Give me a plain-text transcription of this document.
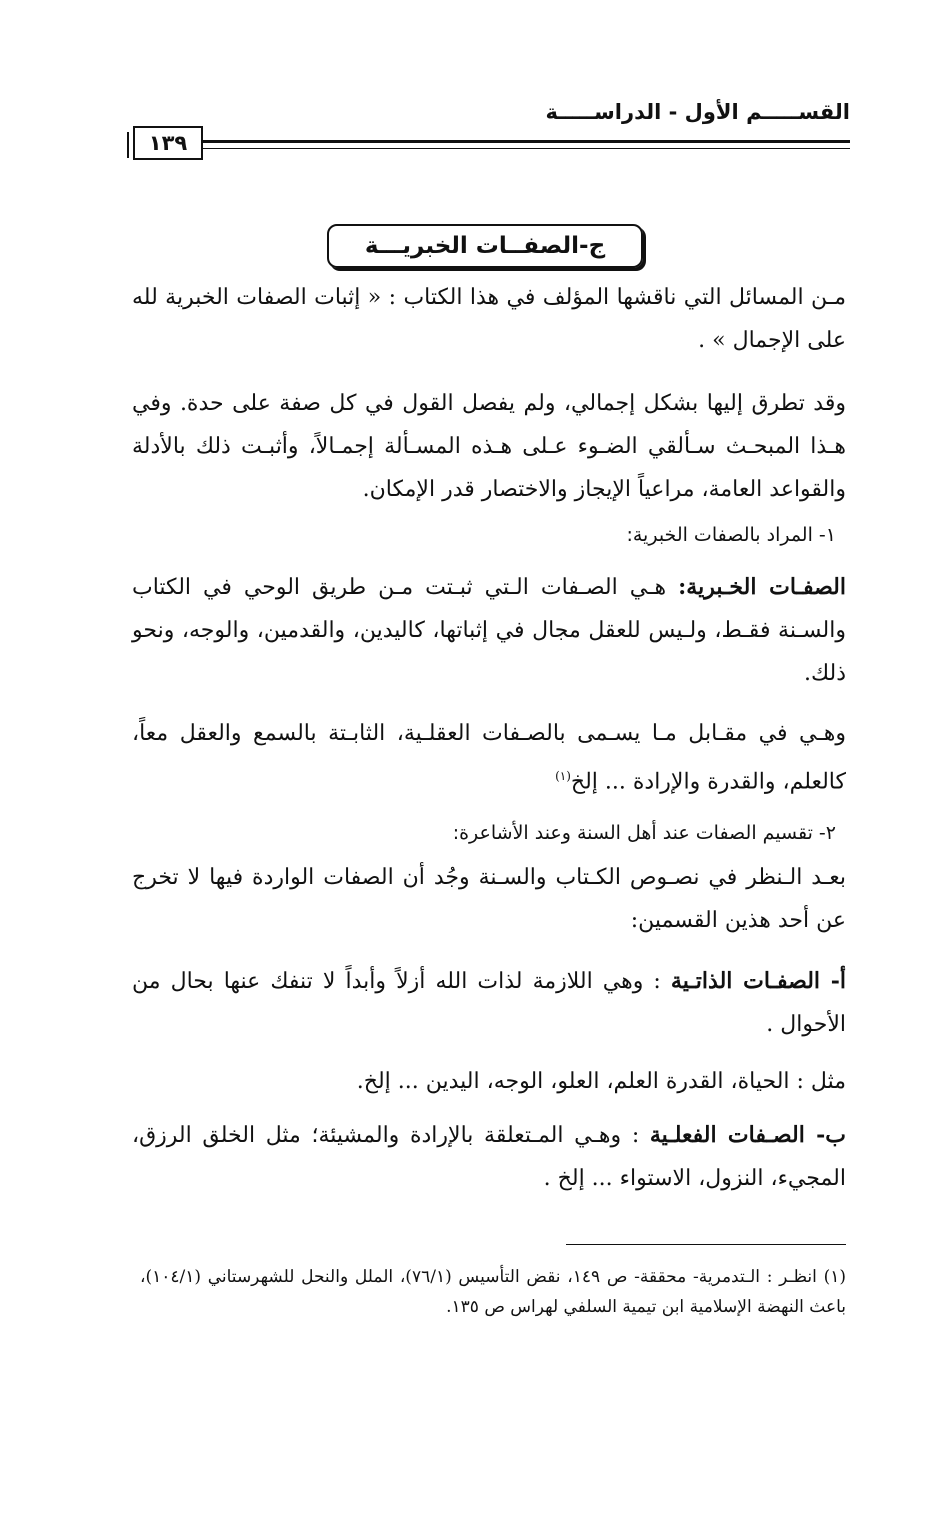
القســـــم الأول - الدراســـــة
١٣٩
ج-الصفــات الخبريـــة

مـن المسائل التي ناقشها المؤلف في هذا الكتاب : « إثبات الصفات الخبرية لله على الإجمال » .

وقد تطرق إليها بشكل إجمالي، ولم يفصل القول في كل صفة على حدة. وفي هـذا المبحـث سـألقي الضـوء عـلى هـذه المسـألة إجمـالاً، وأثبـت ذلك بالأدلة والقواعد العامة، مراعياً الإيجاز والاختصار قدر الإمكان.

١- المراد بالصفات الخبرية:

الصفـات الخـبرية: هـي الصـفات الـتي ثبـتت مـن طريق الوحي في الكتاب والسـنة فقـط، ولـيس للعقل مجال في إثباتها، كاليدين، والقدمين، والوجه، ونحو ذلك.

وهـي في مقـابل مـا يسـمى بالصـفات العقلـية، الثابـتة بالسمع والعقل معاً، كالعلم، والقدرة والإرادة ... إلخ$^{(١)}$

٢- تقسيم الصفات عند أهل السنة وعند الأشاعرة:

بعـد الـنظر في نصـوص الكـتاب والسـنة وجُد أن الصفات الواردة فيها لا تخرج عن أحد هذين القسمين:

أ- الصفـات الذاتـية : وهي اللازمة لذات الله أزلاً وأبداً لا تنفك عنها بحال من الأحوال .

مثل : الحياة، القدرة العلم، العلو، الوجه، اليدين ... إلخ.

ب- الصـفات الفعلـية : وهـي المـتعلقة بالإرادة والمشيئة؛ مثل الخلق الرزق، المجيء، النزول، الاستواء ... إلخ .

(١) انظـر : الـتدمرية- محققة- ص ١٤٩، نقض التأسيس (٧٦/١)، الملل والنحل للشهرستاني (١٠٤/١)، باعث النهضة الإسلامية ابن تيمية السلفي لهراس ص ١٣٥.
